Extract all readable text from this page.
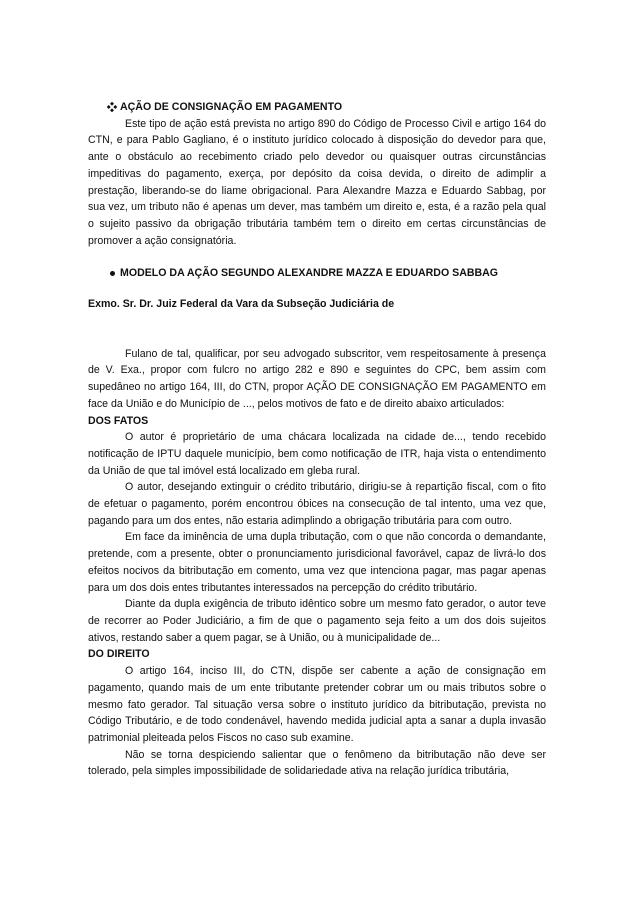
AÇÃO DE CONSIGNAÇÃO EM PAGAMENTO

Este tipo de ação está prevista no artigo 890 do Código de Processo Civil e artigo 164 do CTN, e para Pablo Gagliano, é o instituto jurídico colocado à disposição do devedor para que, ante o obstáculo ao recebimento criado pelo devedor ou quaisquer outras circunstâncias impeditivas do pagamento, exerça, por depósito da coisa devida, o direito de adimplir a prestação, liberando-se do liame obrigacional. Para Alexandre Mazza e Eduardo Sabbag, por sua vez, um tributo não é apenas um dever, mas também um direito e, esta, é a razão pela qual o sujeito passivo da obrigação tributária também tem o direito em certas circunstâncias de promover a ação consignatória.

MODELO DA AÇÃO SEGUNDO ALEXANDRE MAZZA E EDUARDO SABBAG

Exmo. Sr. Dr. Juiz Federal da Vara da Subseção Judiciária de

Fulano de tal, qualificar, por seu advogado subscritor, vem respeitosamente à presença de V. Exa., propor com fulcro no artigo 282 e 890 e seguintes do CPC, bem assim com supedâneo no artigo 164, III, do CTN, propor AÇÃO DE CONSIGNAÇÃO EM PAGAMENTO em face da União e do Município de ..., pelos motivos de fato e de direito abaixo articulados:

DOS FATOS

O autor é proprietário de uma chácara localizada na cidade de..., tendo recebido notificação de IPTU daquele município, bem como notificação de ITR, haja vista o entendimento da União de que tal imóvel está localizado em gleba rural.

O autor, desejando extinguir o crédito tributário, dirigiu-se à repartição fiscal, com o fito de efetuar o pagamento, porém encontrou óbices na consecução de tal intento, uma vez que, pagando para um dos entes, não estaria adimplindo a obrigação tributária para com outro.

Em face da iminência de uma dupla tributação, com o que não concorda o demandante, pretende, com a presente, obter o pronunciamento jurisdicional favorável, capaz de livrá-lo dos efeitos nocivos da bitributação em comento, uma vez que intenciona pagar, mas pagar apenas para um dos dois entes tributantes interessados na percepção do crédito tributário.

Diante da dupla exigência de tributo idêntico sobre um mesmo fato gerador, o autor teve de recorrer ao Poder Judiciário, a fim de que o pagamento seja feito a um dos dois sujeitos ativos, restando saber a quem pagar, se à União, ou à municipalidade de...

DO DIREITO

O artigo 164, inciso III, do CTN, dispõe ser cabente a ação de consignação em pagamento, quando mais de um ente tributante pretender cobrar um ou mais tributos sobre o mesmo fato gerador. Tal situação versa sobre o instituto jurídico da bitributação, prevista no Código Tributário, e de todo condenável, havendo medida judicial apta a sanar a dupla invasão patrimonial pleiteada pelos Fiscos no caso sub examine.

Não se torna despiciendo salientar que o fenômeno da bitributação não deve ser tolerado, pela simples impossibilidade de solidariedade ativa na relação jurídica tributária,
